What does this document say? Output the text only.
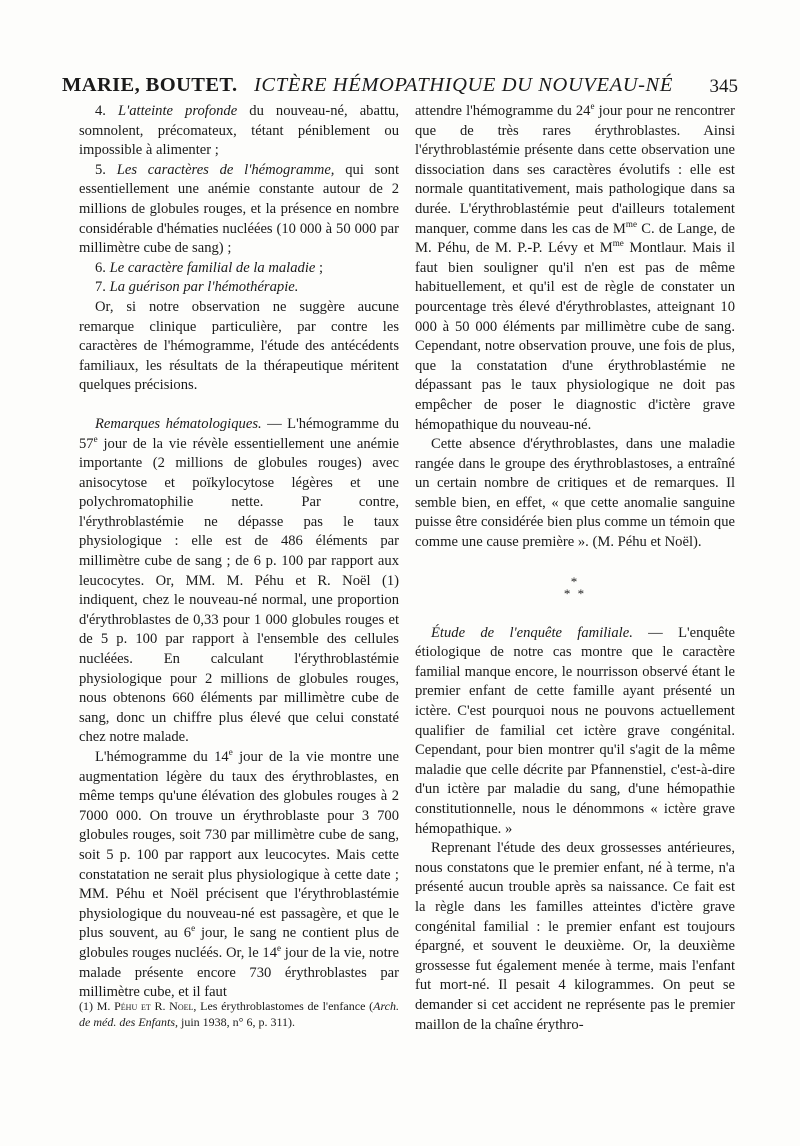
MARIE, BOUTET. ICTÈRE HÉMOPATHIQUE DU NOUVEAU-NÉ 345

4. L'atteinte profonde du nouveau-né, abattu, somnolent, précomateux, tétant péniblement ou impossible à alimenter ;

5. Les caractères de l'hémogramme, qui sont essentiellement une anémie constante autour de 2 millions de globules rouges, et la présence en nombre considérable d'hématies nucléées (10 000 à 50 000 par millimètre cube de sang) ;

6. Le caractère familial de la maladie ;

7. La guérison par l'hémothérapie.

Or, si notre observation ne suggère aucune remarque clinique particulière, par contre les caractères de l'hémogramme, l'étude des antécédents familiaux, les résultats de la thérapeutique méritent quelques précisions.

Remarques hématologiques. — L'hémogramme du 57e jour de la vie révèle essentiellement une anémie importante (2 millions de globules rouges) avec anisocytose et poïkylocytose légères et une polychromatophilie nette. Par contre, l'érythroblastémie ne dépasse pas le taux physiologique : elle est de 486 éléments par millimètre cube de sang ; de 6 p. 100 par rapport aux leucocytes. Or, MM. M. Péhu et R. Noël (1) indiquent, chez le nouveau-né normal, une proportion d'érythroblastes de 0,33 pour 1 000 globules rouges et de 5 p. 100 par rapport à l'ensemble des cellules nucléées. En calculant l'érythroblastémie physiologique pour 2 millions de globules rouges, nous obtenons 660 éléments par millimètre cube de sang, donc un chiffre plus élevé que celui constaté chez notre malade.

L'hémogramme du 14e jour de la vie montre une augmentation légère du taux des érythroblastes, en même temps qu'une élévation des globules rouges à 2 7000 000. On trouve un érythroblaste pour 3 700 globules rouges, soit 730 par millimètre cube de sang, soit 5 p. 100 par rapport aux leucocytes. Mais cette constatation ne serait plus physiologique à cette date ; MM. Péhu et Noël précisent que l'érythroblastémie physiologique du nouveau-né est passagère, et que le plus souvent, au 6e jour, le sang ne contient plus de globules rouges nucléés. Or, le 14e jour de la vie, notre malade présente encore 730 érythroblastes par millimètre cube, et il faut

(1) M. Péhu et R. Noel, Les érythroblastomes de l'enfance (Arch. de méd. des Enfants, juin 1938, n° 6, p. 311).

attendre l'hémogramme du 24e jour pour ne rencontrer que de très rares érythroblastes. Ainsi l'érythroblastémie présente dans cette observation une dissociation dans ses caractères évolutifs : elle est normale quantitativement, mais pathologique dans sa durée. L'érythroblastémie peut d'ailleurs totalement manquer, comme dans les cas de $M^{me}$ C. de Lange, de M. Péhu, de M. P.-P. Lévy et $M^{me}$ Montlaur. Mais il faut bien souligner qu'il n'en est pas de même habituellement, et qu'il est de règle de constater un pourcentage très élevé d'érythroblastes, atteignant 10 000 à 50 000 éléments par millimètre cube de sang. Cependant, notre observation prouve, une fois de plus, que la constatation d'une érythroblastémie ne dépassant pas le taux physiologique ne doit pas empêcher de poser le diagnostic d'ictère grave hémopathique du nouveau-né.

Cette absence d'érythroblastes, dans une maladie rangée dans le groupe des érythroblastoses, a entraîné un certain nombre de critiques et de remarques. Il semble bien, en effet, « que cette anomalie sanguine puisse être considérée bien plus comme un témoin que comme une cause première ». (M. Péhu et Noël).

*
* *

Étude de l'enquête familiale. — L'enquête étiologique de notre cas montre que le caractère familial manque encore, le nourrisson observé étant le premier enfant de cette famille ayant présenté un ictère. C'est pourquoi nous ne pouvons actuellement qualifier de familial cet ictère grave congénital. Cependant, pour bien montrer qu'il s'agit de la même maladie que celle décrite par Pfannenstiel, c'est-à-dire d'un ictère par maladie du sang, d'une hémopathie constitutionnelle, nous le dénommons « ictère grave hémopathique. »

Reprenant l'étude des deux grossesses antérieures, nous constatons que le premier enfant, né à terme, n'a présenté aucun trouble après sa naissance. Ce fait est la règle dans les familles atteintes d'ictère grave congénital familial : le premier enfant est toujours épargné, et souvent le deuxième. Or, la deuxième grossesse fut également menée à terme, mais l'enfant fut mort-né. Il pesait 4 kilogrammes. On peut se demander si cet accident ne représente pas le premier maillon de la chaîne érythro-
